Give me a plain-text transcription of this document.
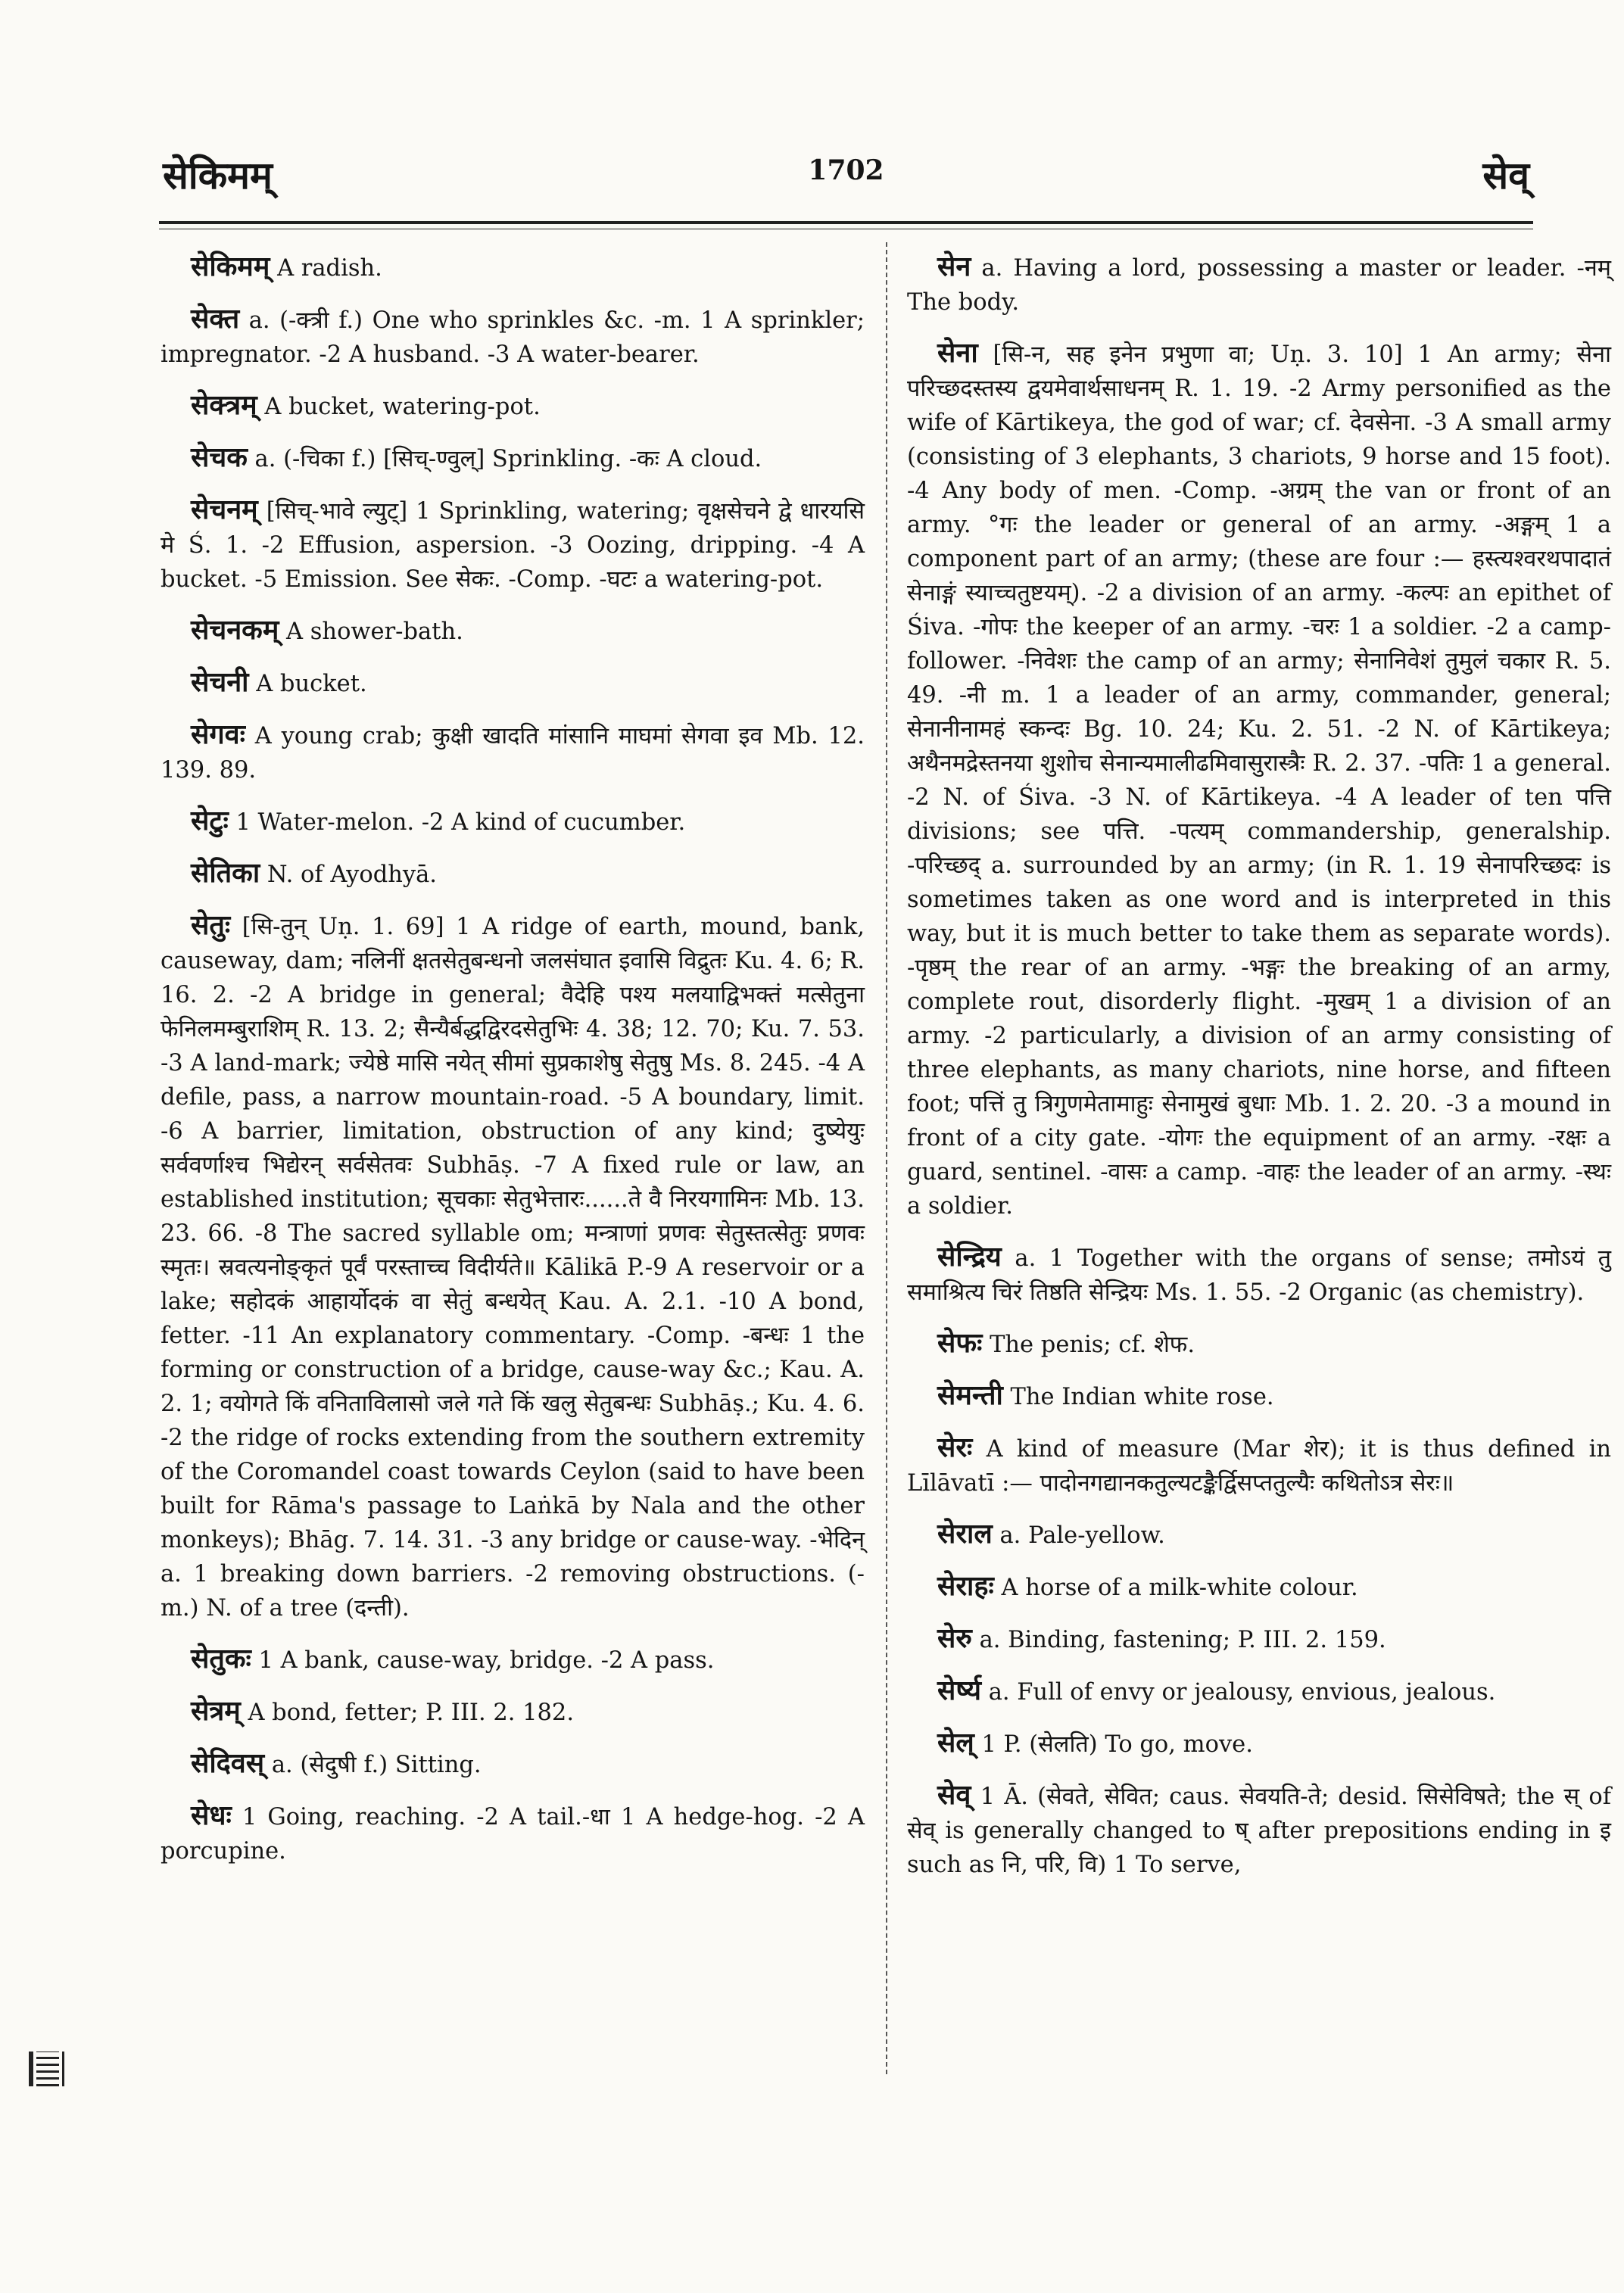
सेकिमम्	1702	सेव्

सेकिमम् A radish.

सेक्त a. (-क्त्री f.) One who sprinkles &c. -m. 1 A sprinkler; impregnator. -2 A husband. -3 A water-bearer.

सेक्त्रम् A bucket, watering-pot.

सेचक a. (-चिका f.) [सिच्-ण्वुल्] Sprinkling. -कः A cloud.

सेचनम् [सिच्-भावे ल्युट्] 1 Sprinkling, watering; वृक्षसेचने द्वे धारयसि मे Ś. 1. -2 Effusion, aspersion. -3 Oozing, dripping. -4 A bucket. -5 Emission. See सेकः. -Comp. -घटः a watering-pot.

सेचनकम् A shower-bath.

सेचनी A bucket.

सेगवः A young crab; कुक्षी खादति मांसानि माघमां सेगवा इव Mb. 12. 139. 89.

सेटुः 1 Water-melon. -2 A kind of cucumber.

सेतिका N. of Ayodhyā.

सेतुः [सि-तुन् Uṇ. 1. 69] 1 A ridge of earth, mound, bank, causeway, dam; नलिनीं क्षतसेतुबन्धनो जलसंघात इवासि विद्रुतः Ku. 4. 6; R. 16. 2. -2 A bridge in general; वैदेहि पश्य मलयाद्विभक्तं मत्सेतुना फेनिलमम्बुराशिम् R. 13. 2; सैन्यैर्बद्धद्विरदसेतुभिः 4. 38; 12. 70; Ku. 7. 53. -3 A land-mark; ज्येष्ठे मासि नयेत् सीमां सुप्रकाशेषु सेतुषु Ms. 8. 245. -4 A defile, pass, a narrow mountain-road. -5 A boundary, limit. -6 A barrier, limitation, obstruction of any kind; दुष्येयुः सर्ववर्णाश्च भिद्येरन् सर्वसेतवः Subhāṣ. -7 A fixed rule or law, an established institution; सूचकाः सेतुभेत्तारः......ते वै निरयगामिनः Mb. 13. 23. 66. -8 The sacred syllable om; मन्त्राणां प्रणवः सेतुस्तत्सेतुः प्रणवः स्मृतः। स्रवत्यनोङ्कृतं पूर्वं परस्ताच्च विदीर्यते॥ Kālikā P.-9 A reservoir or a lake; सहोदकं आहार्योदकं वा सेतुं बन्धयेत् Kau. A. 2.1. -10 A bond, fetter. -11 An explanatory commentary. -Comp. -बन्धः 1 the forming or construction of a bridge, cause-way &c.; Kau. A. 2. 1; वयोगते किं वनिताविलासो जले गते किं खलु सेतुबन्धः Subhāṣ.; Ku. 4. 6. -2 the ridge of rocks extending from the southern extremity of the Coromandel coast towards Ceylon (said to have been built for Rāma's passage to Laṅkā by Nala and the other monkeys); Bhāg. 7. 14. 31. -3 any bridge or cause-way. -भेदिन् a. 1 breaking down barriers. -2 removing obstructions. (-m.) N. of a tree (दन्ती).

सेतुकः 1 A bank, cause-way, bridge. -2 A pass.

सेत्रम् A bond, fetter; P. III. 2. 182.

सेदिवस् a. (सेदुषी f.) Sitting.

सेधः 1 Going, reaching. -2 A tail.-धा 1 A hedge-hog. -2 A porcupine.

सेन a. Having a lord, possessing a master or leader. -नम् The body.

सेना [सि-न, सह इनेन प्रभुणा वा; Uṇ. 3. 10] 1 An army; सेना परिच्छदस्तस्य द्वयमेवार्थसाधनम् R. 1. 19. -2 Army personified as the wife of Kārtikeya, the god of war; cf. देवसेना. -3 A small army (consisting of 3 elephants, 3 chariots, 9 horse and 15 foot). -4 Any body of men. -Comp. -अग्रम् the van or front of an army. °गः the leader or general of an army. -अङ्गम् 1 a component part of an army; (these are four :— हस्त्यश्वरथपादातं सेनाङ्गं स्याच्चतुष्टयम्). -2 a division of an army. -कल्पः an epithet of Śiva. -गोपः the keeper of an army. -चरः 1 a soldier. -2 a camp-follower. -निवेशः the camp of an army; सेनानिवेशं तुमुलं चकार R. 5. 49. -नी m. 1 a leader of an army, commander, general; सेनानीनामहं स्कन्दः Bg. 10. 24; Ku. 2. 51. -2 N. of Kārtikeya; अथैनमद्रेस्तनया शुशोच सेनान्यमालीढमिवासुरास्त्रैः R. 2. 37. -पतिः 1 a general. -2 N. of Śiva. -3 N. of Kārtikeya. -4 A leader of ten पत्ति divisions; see पत्ति. -पत्यम् commandership, generalship. -परिच्छद् a. surrounded by an army; (in R. 1. 19 सेनापरिच्छदः is sometimes taken as one word and is interpreted in this way, but it is much better to take them as separate words). -पृष्ठम् the rear of an army. -भङ्गः the breaking of an army, complete rout, disorderly flight. -मुखम् 1 a division of an army. -2 particularly, a division of an army consisting of three elephants, as many chariots, nine horse, and fifteen foot; पत्तिं तु त्रिगुणमेतामाहुः सेनामुखं बुधाः Mb. 1. 2. 20. -3 a mound in front of a city gate. -योगः the equipment of an army. -रक्षः a guard, sentinel. -वासः a camp. -वाहः the leader of an army. -स्थः a soldier.

सेन्द्रिय a. 1 Together with the organs of sense; तमोऽयं तु समाश्रित्य चिरं तिष्ठति सेन्द्रियः Ms. 1. 55. -2 Organic (as chemistry).

सेफः The penis; cf. शेफ.

सेमन्ती The Indian white rose.

सेरः A kind of measure (Mar शेर); it is thus defined in Līlāvatī :— पादोनगद्यानकतुल्यटङ्कैर्द्विसप्ततुल्यैः कथितोऽत्र सेरः॥

सेराल a. Pale-yellow.

सेराहः A horse of a milk-white colour.

सेरु a. Binding, fastening; P. III. 2. 159.

सेर्ष्य a. Full of envy or jealousy, envious, jealous.

सेल् 1 P. (सेलति) To go, move.

सेव् 1 Ā. (सेवते, सेवित; caus. सेवयति-ते; desid. सिसेविषते; the स् of सेव् is generally changed to ष् after prepositions ending in इ such as नि, परि, वि) 1 To serve,
